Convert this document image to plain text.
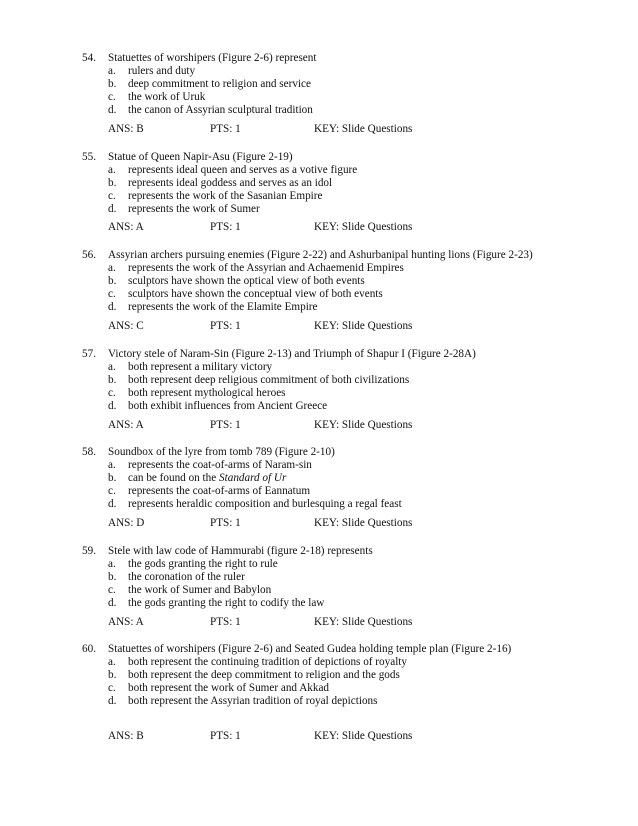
54.	Statuettes of worshipers (Figure 2-6) represent
a.	rulers and duty
b.	deep commitment to religion and service
c.	the work of Uruk
d.	the canon of Assyrian sculptural tradition
ANS: B	PTS: 1	KEY: Slide Questions
55.	Statue of Queen Napir-Asu (Figure 2-19)
a.	represents ideal queen and serves as a votive figure
b.	represents ideal goddess and serves as an idol
c.	represents the work of the Sasanian Empire
d.	represents the work of Sumer
ANS: A	PTS: 1	KEY: Slide Questions
56.	Assyrian archers pursuing enemies (Figure 2-22) and Ashurbanipal hunting lions (Figure 2-23)
a.	represents the work of the Assyrian and Achaemenid Empires
b.	sculptors have shown the optical view of both events
c.	sculptors have shown the conceptual view of both events
d.	represents the work of the Elamite Empire
ANS: C	PTS: 1	KEY: Slide Questions
57.	Victory stele of Naram-Sin (Figure 2-13) and Triumph of Shapur I (Figure 2-28A)
a.	both represent a military victory
b.	both represent deep religious commitment of both civilizations
c.	both represent mythological heroes
d.	both exhibit influences from Ancient Greece
ANS: A	PTS: 1	KEY: Slide Questions
58.	Soundbox of the lyre from tomb 789 (Figure 2-10)
a.	represents the coat-of-arms of Naram-sin
b.	can be found on the Standard of Ur
c.	represents the coat-of-arms of Eannatum
d.	represents heraldic composition and burlesquing a regal feast
ANS: D	PTS: 1	KEY: Slide Questions
59.	Stele with law code of Hammurabi (figure 2-18) represents
a.	the gods granting the right to rule
b.	the coronation of the ruler
c.	the work of Sumer and Babylon
d.	the gods granting the right to codify the law
ANS: A	PTS: 1	KEY: Slide Questions
60.	Statuettes of worshipers (Figure 2-6) and Seated Gudea holding temple plan (Figure 2-16)
a.	both represent the continuing tradition of depictions of royalty
b.	both represent the deep commitment to religion and the gods
c.	both represent the work of Sumer and Akkad
d.	both represent the Assyrian tradition of royal depictions
ANS: B	PTS: 1	KEY: Slide Questions
